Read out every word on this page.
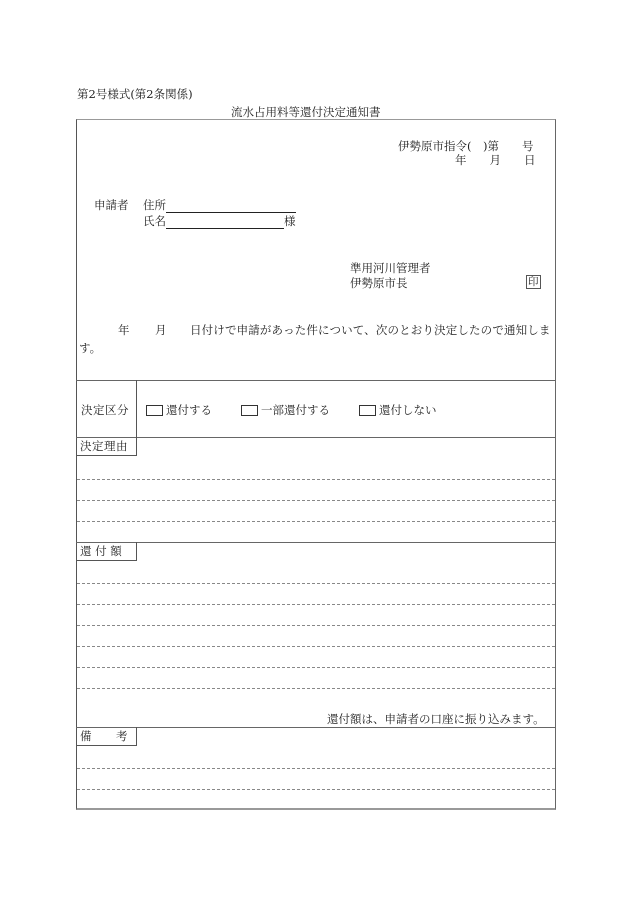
第2号様式(第2条関係)
流水占用料等還付決定通知書
伊勢原市指令(　)第　　号
年　　月　　日
申請者 住所
氏名	様
準用河川管理者
伊勢原市長	印
年 月 日付けで申請があった件について、次のとおり決定したので通知しま
す。
決定区分	還付する	一部還付する	還付しない
決定理由
還 付 額
還付額は、申請者の口座に振り込みます。
備　　考
